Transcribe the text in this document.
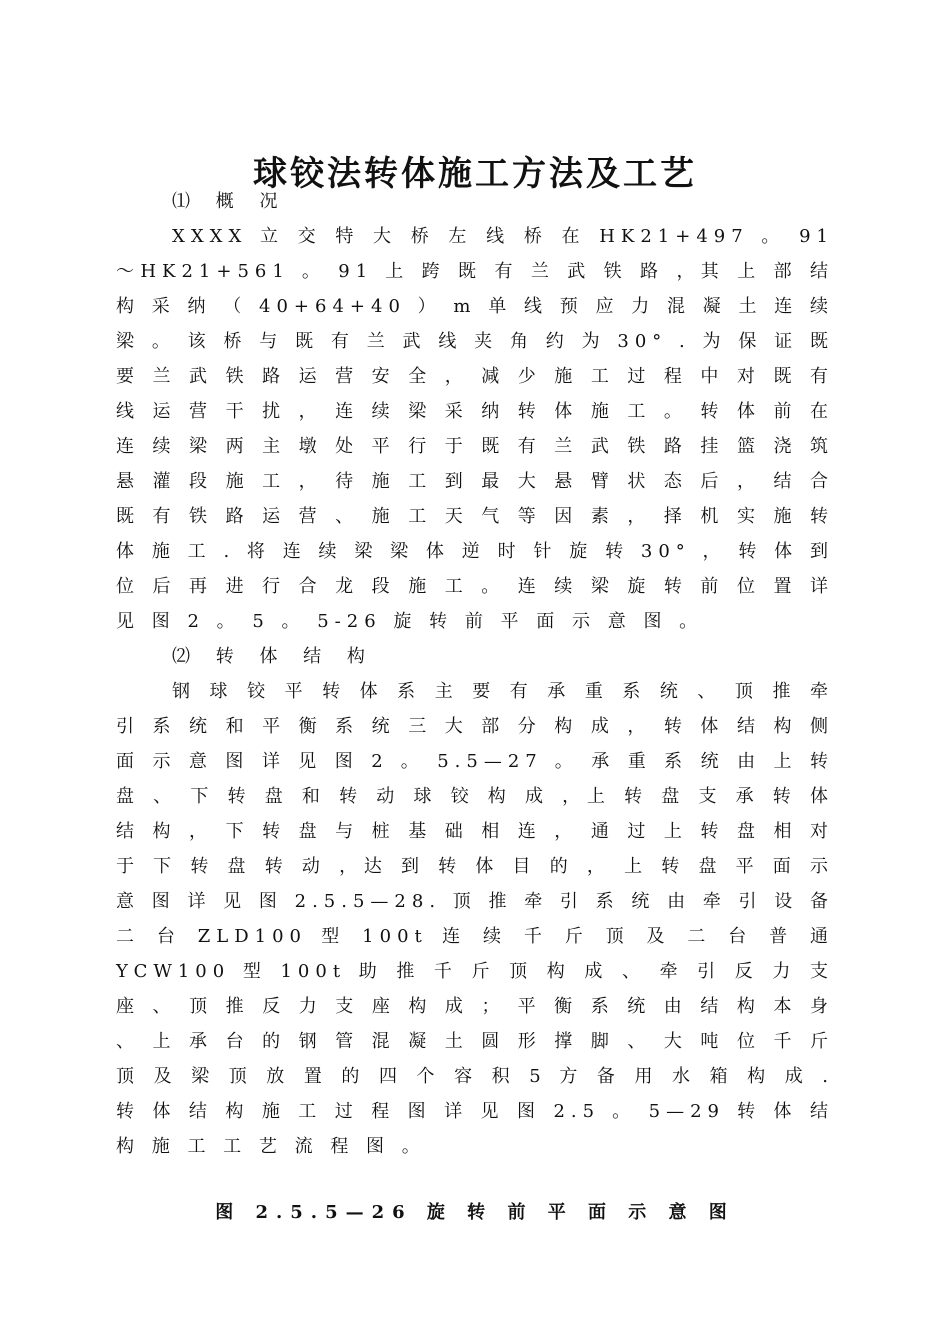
球铰法转体施工方法及工艺

⑴ 概 况

XXXX 立 交 特 大 桥 左 线 桥 在 HK21+497 。 91 ～HK21+561 。 91 上 跨 既 有 兰 武 铁 路 ，其 上 部 结 构 采 纳 （ 40+64+40 ） m 单 线 预 应 力 混 凝 土 连 续 梁 。 该 桥 与 既 有 兰 武 线 夹 角 约 为 30° . 为 保 证 既 要 兰 武 铁 路 运 营 安 全 ， 减 少 施 工 过 程 中 对 既 有 线 运 营 干 扰 ， 连 续 梁 采 纳 转 体 施 工 。 转 体 前 在 连 续 梁 两 主 墩 处 平 行 于 既 有 兰 武 铁 路 挂 篮 浇 筑 悬 灌 段 施 工 ， 待 施 工 到 最 大 悬 臂 状 态 后 ， 结 合 既 有 铁 路 运 营 、 施 工 天 气 等 因 素 ， 择 机 实 施 转 体 施 工 . 将 连 续 梁 梁 体 逆 时 针 旋 转 30° ， 转 体 到 位 后 再 进 行 合 龙 段 施 工 。 连 续 梁 旋 转 前 位 置 详 见 图 2 。 5 。 5-26 旋 转 前 平 面 示 意 图 。

⑵ 转 体 结 构

钢 球 铰 平 转 体 系 主 要 有 承 重 系 统 、 顶 推 牵 引 系 统 和 平 衡 系 统 三 大 部 分 构 成 ， 转 体 结 构 侧 面 示 意 图 详 见 图 2 。 5.5—27 。 承 重 系 统 由 上 转 盘 、 下 转 盘 和 转 动 球 铰 构 成 ，上 转 盘 支 承 转 体 结 构 ， 下 转 盘 与 桩 基 础 相 连 ， 通 过 上 转 盘 相 对 于 下 转 盘 转 动 ，达 到 转 体 目 的 ， 上 转 盘 平 面 示 意 图 详 见 图 2.5.5—28. 顶 推 牵 引 系 统 由 牵 引 设 备 二 台 ZLD100 型 100t 连 续 千 斤 顶 及 二 台 普 通 YCW100 型 100t 助 推 千 斤 顶 构 成 、 牵 引 反 力 支 座 、 顶 推 反 力 支 座 构 成 ； 平 衡 系 统 由 结 构 本 身 、 上 承 台 的 钢 管 混 凝 土 圆 形 撑 脚 、 大 吨 位 千 斤 顶 及 梁 顶 放 置 的 四 个 容 积 5 方 备 用 水 箱 构 成 . 转 体 结 构 施 工 过 程 图 详 见 图 2.5 。 5—29 转 体 结 构 施 工 工 艺 流 程 图 。

图 2.5.5—26 旋 转 前 平 面 示 意 图
